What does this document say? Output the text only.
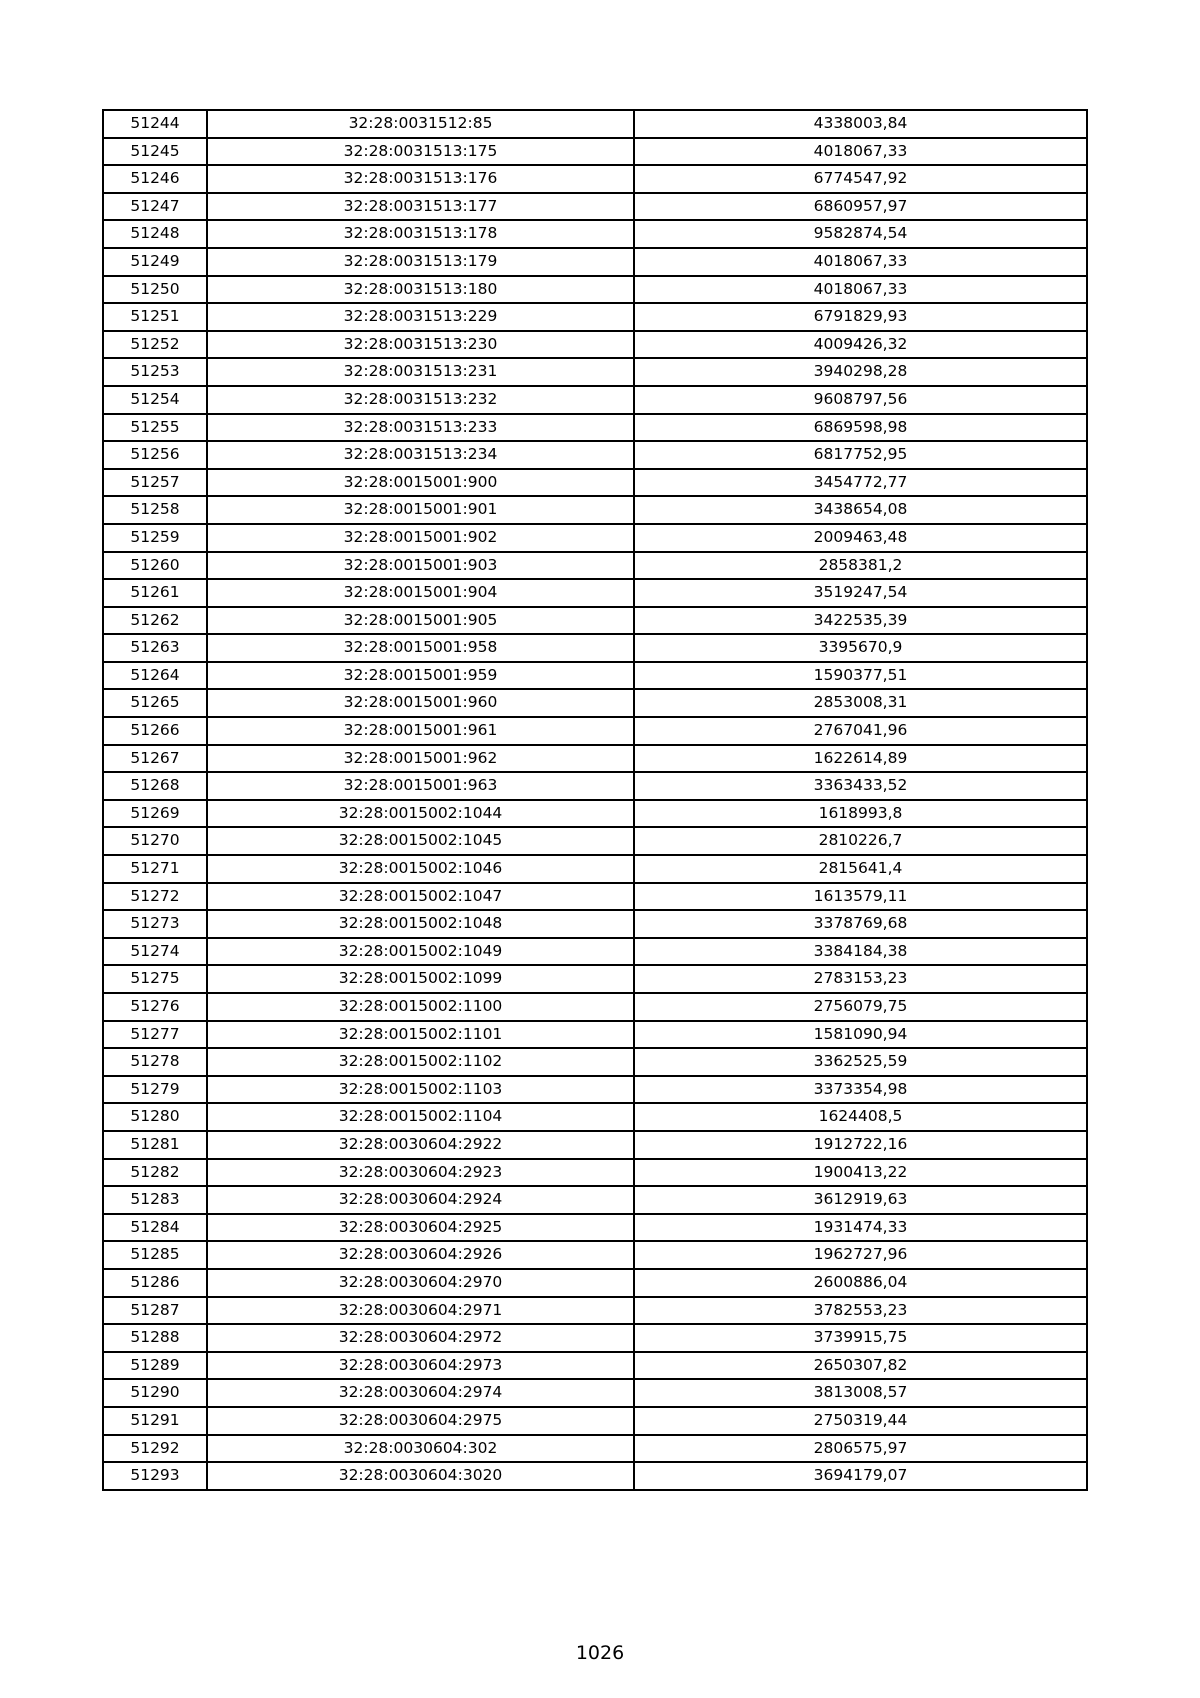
51244	32:28:0031512:85	4338003,84
51245	32:28:0031513:175	4018067,33
51246	32:28:0031513:176	6774547,92
51247	32:28:0031513:177	6860957,97
51248	32:28:0031513:178	9582874,54
51249	32:28:0031513:179	4018067,33
51250	32:28:0031513:180	4018067,33
51251	32:28:0031513:229	6791829,93
51252	32:28:0031513:230	4009426,32
51253	32:28:0031513:231	3940298,28
51254	32:28:0031513:232	9608797,56
51255	32:28:0031513:233	6869598,98
51256	32:28:0031513:234	6817752,95
51257	32:28:0015001:900	3454772,77
51258	32:28:0015001:901	3438654,08
51259	32:28:0015001:902	2009463,48
51260	32:28:0015001:903	2858381,2
51261	32:28:0015001:904	3519247,54
51262	32:28:0015001:905	3422535,39
51263	32:28:0015001:958	3395670,9
51264	32:28:0015001:959	1590377,51
51265	32:28:0015001:960	2853008,31
51266	32:28:0015001:961	2767041,96
51267	32:28:0015001:962	1622614,89
51268	32:28:0015001:963	3363433,52
51269	32:28:0015002:1044	1618993,8
51270	32:28:0015002:1045	2810226,7
51271	32:28:0015002:1046	2815641,4
51272	32:28:0015002:1047	1613579,11
51273	32:28:0015002:1048	3378769,68
51274	32:28:0015002:1049	3384184,38
51275	32:28:0015002:1099	2783153,23
51276	32:28:0015002:1100	2756079,75
51277	32:28:0015002:1101	1581090,94
51278	32:28:0015002:1102	3362525,59
51279	32:28:0015002:1103	3373354,98
51280	32:28:0015002:1104	1624408,5
51281	32:28:0030604:2922	1912722,16
51282	32:28:0030604:2923	1900413,22
51283	32:28:0030604:2924	3612919,63
51284	32:28:0030604:2925	1931474,33
51285	32:28:0030604:2926	1962727,96
51286	32:28:0030604:2970	2600886,04
51287	32:28:0030604:2971	3782553,23
51288	32:28:0030604:2972	3739915,75
51289	32:28:0030604:2973	2650307,82
51290	32:28:0030604:2974	3813008,57
51291	32:28:0030604:2975	2750319,44
51292	32:28:0030604:302	2806575,97
51293	32:28:0030604:3020	3694179,07
1026
